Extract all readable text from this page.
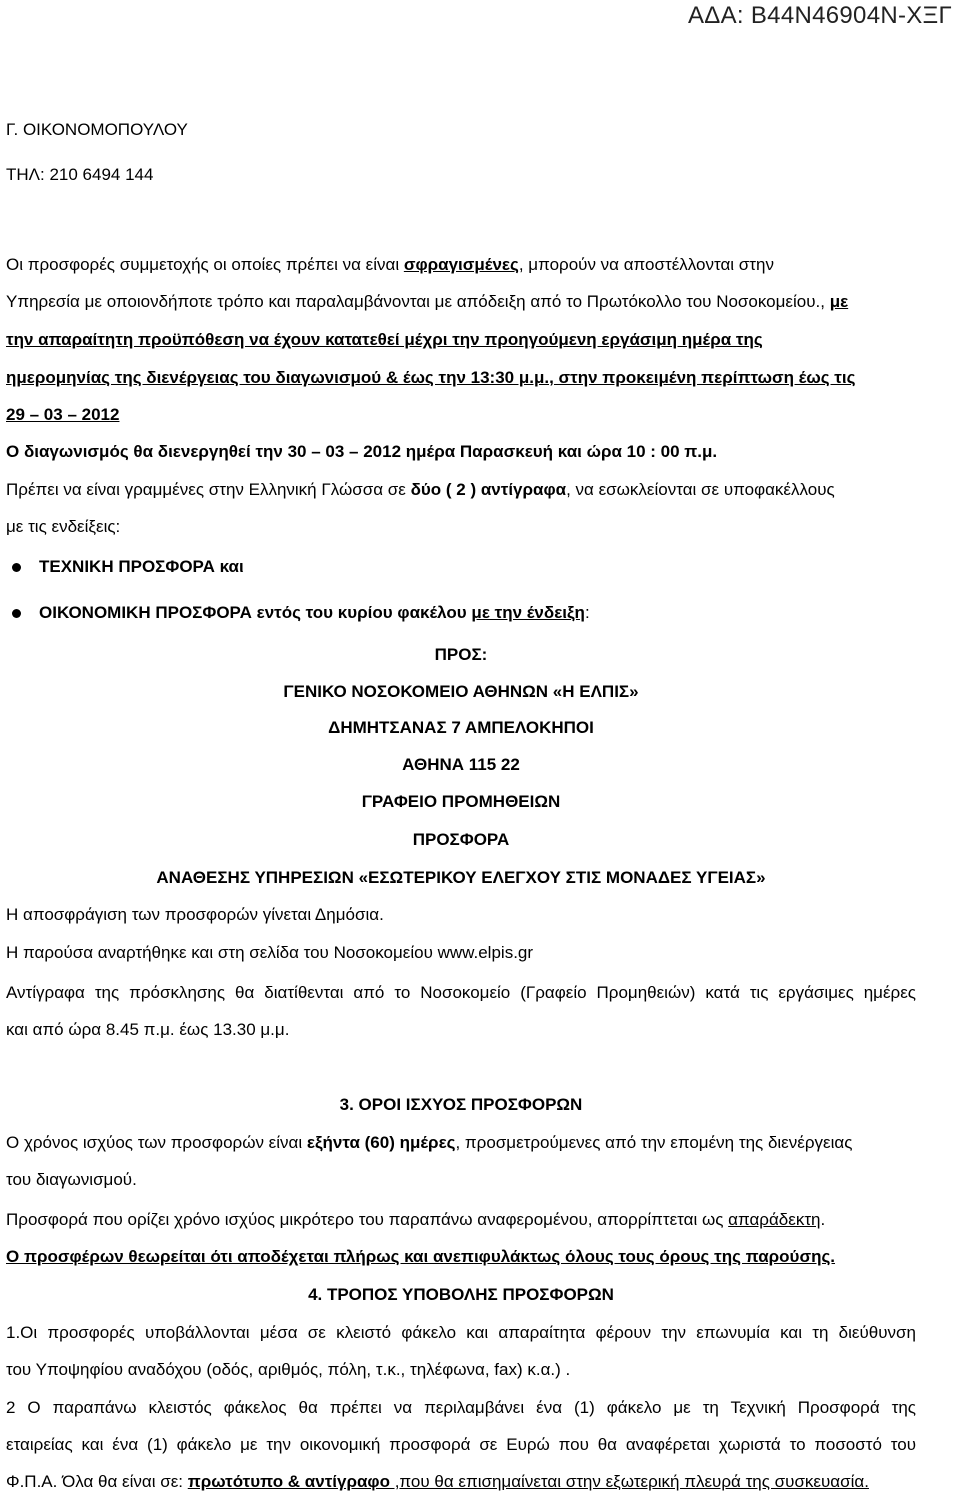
ΑΔΑ: Β44Ν46904Ν-ΧΞΓ
Γ. ΟΙΚΟΝΟΜΟΠΟΥΛΟΥ
ΤΗΛ: 210 6494 144
Οι προσφορές συμμετοχής οι οποίες πρέπει να είναι σφραγισμένες, μπορούν να αποστέλλονται στην
Υπηρεσία με οποιονδήποτε τρόπο και παραλαμβάνονται με απόδειξη από το Πρωτόκολλο του Νοσοκομείου., με
την απαραίτητη προϋπόθεση να έχουν κατατεθεί μέχρι την προηγούμενη εργάσιμη ημέρα της
ημερομηνίας της διενέργειας του διαγωνισμού & έως την 13:30 μ.μ., στην προκειμένη περίπτωση έως τις
29 – 03 – 2012
Ο διαγωνισμός θα διενεργηθεί την 30 – 03 – 2012 ημέρα Παρασκευή και ώρα 10 : 00 π.μ.
Πρέπει να είναι γραμμένες στην Ελληνική Γλώσσα σε δύο ( 2 ) αντίγραφα, να εσωκλείονται σε υποφακέλλους
με τις ενδείξεις:
ΤΕΧΝΙΚΗ ΠΡΟΣΦΟΡΑ και
ΟΙΚΟΝΟΜΙΚΗ ΠΡΟΣΦΟΡΑ εντός του κυρίου φακέλου με την ένδειξη:
ΠΡΟΣ:
ΓΕΝΙΚΟ ΝΟΣΟΚΟΜΕΙΟ ΑΘΗΝΩΝ «Η ΕΛΠΙΣ»
ΔΗΜΗΤΣΑΝΑΣ 7 ΑΜΠΕΛΟΚΗΠΟΙ
ΑΘΗΝΑ 115 22
ΓΡΑΦΕΙΟ ΠΡΟΜΗΘΕΙΩΝ
ΠΡΟΣΦΟΡΑ
ΑΝΑΘΕΣΗΣ ΥΠΗΡΕΣΙΩΝ «ΕΣΩΤΕΡΙΚΟΥ ΕΛΕΓΧΟΥ ΣΤΙΣ ΜΟΝΑΔΕΣ ΥΓΕΙΑΣ»
Η αποσφράγιση των προσφορών γίνεται Δημόσια.
Η παρούσα αναρτήθηκε και στη σελίδα του Νοσοκομείου www.elpis.gr
Αντίγραφα της πρόσκλησης θα διατίθενται από το Νοσοκομείο (Γραφείο Προμηθειών) κατά τις εργάσιμες ημέρες
και από ώρα 8.45 π.μ. έως 13.30 μ.μ.
3. ΟΡΟΙ ΙΣΧΥΟΣ ΠΡΟΣΦΟΡΩΝ
Ο χρόνος ισχύος των προσφορών είναι εξήντα (60) ημέρες, προσμετρούμενες από την επομένη της διενέργειας
του διαγωνισμού.
Προσφορά που ορίζει χρόνο ισχύος μικρότερο του παραπάνω αναφερομένου, απορρίπτεται ως απαράδεκτη.
Ο προσφέρων θεωρείται ότι αποδέχεται πλήρως και ανεπιφυλάκτως όλους τους όρους της παρούσης.
4. ΤΡΟΠΟΣ ΥΠΟΒΟΛΗΣ ΠΡΟΣΦΟΡΩΝ
1.Οι προσφορές υποβάλλονται μέσα σε κλειστό φάκελο και απαραίτητα φέρουν την επωνυμία και τη διεύθυνση
του Υποψηφίου αναδόχου (οδός, αριθμός, πόλη, τ.κ., τηλέφωνα, fax) κ.α.) .
2 Ο παραπάνω κλειστός φάκελος θα πρέπει να περιλαμβάνει ένα (1) φάκελο με τη Τεχνική Προσφορά της
εταιρείας και ένα (1) φάκελο με την οικονομική προσφορά σε Ευρώ που θα αναφέρεται χωριστά το ποσοστό του
Φ.Π.Α. Όλα θα είναι σε: πρωτότυπο & αντίγραφο ,που θα επισημαίνεται στην εξωτερική πλευρά της συσκευασία.
